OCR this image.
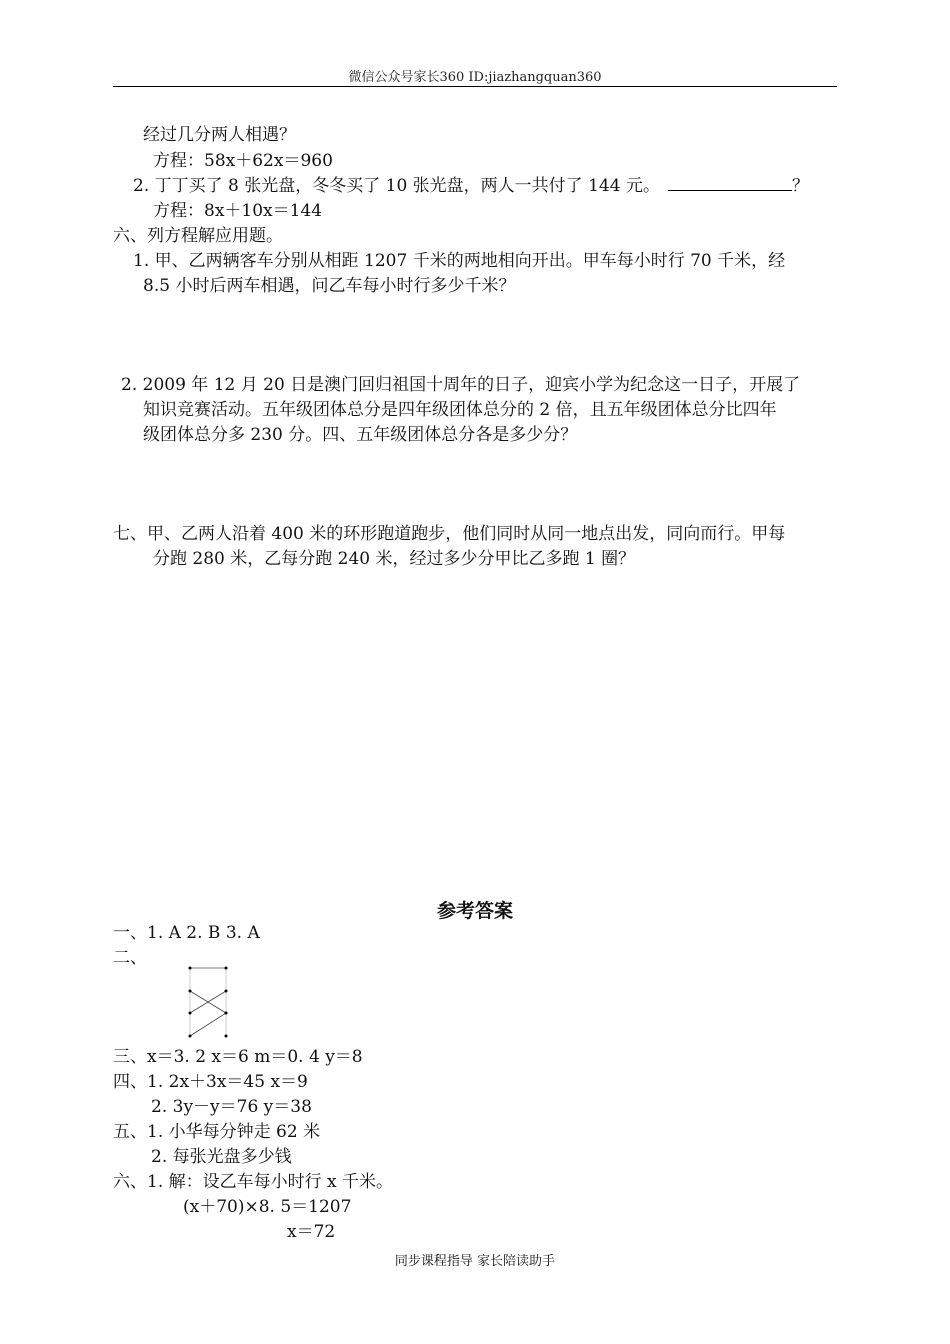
微信公众号家长360 ID:jiazhangquan360
经过几分两人相遇？
方程：58x＋62x＝960
2. 丁丁买了 8 张光盘，冬冬买了 10 张光盘，两人一共付了 144 元。	？
方程：8x＋10x＝144
六、列方程解应用题。
1. 甲、乙两辆客车分别从相距 1207 千米的两地相向开出。甲车每小时行 70 千米，经
8.5 小时后两车相遇，问乙车每小时行多少千米？
2. 2009 年 12 月 20 日是澳门回归祖国十周年的日子，迎宾小学为纪念这一日子，开展了
知识竞赛活动。五年级团体总分是四年级团体总分的 2 倍，且五年级团体总分比四年
级团体总分多 230 分。四、五年级团体总分各是多少分？
七、甲、乙两人沿着 400 米的环形跑道跑步，他们同时从同一地点出发，同向而行。甲每
分跑 280 米，乙每分跑 240 米，经过多少分甲比乙多跑 1 圈？
参考答案
一、1. A 2. B 3. A
二、
三、x＝3. 2 x＝6 m＝0. 4 y＝8
四、1. 2x＋3x＝45 x＝9
2. 3y－y＝76 y＝38
五、1. 小华每分钟走 62 米
2. 每张光盘多少钱
六、1. 解：设乙车每小时行 x 千米。
(x＋70)×8. 5＝1207
x＝72
同步课程指导 家长陪读助手
